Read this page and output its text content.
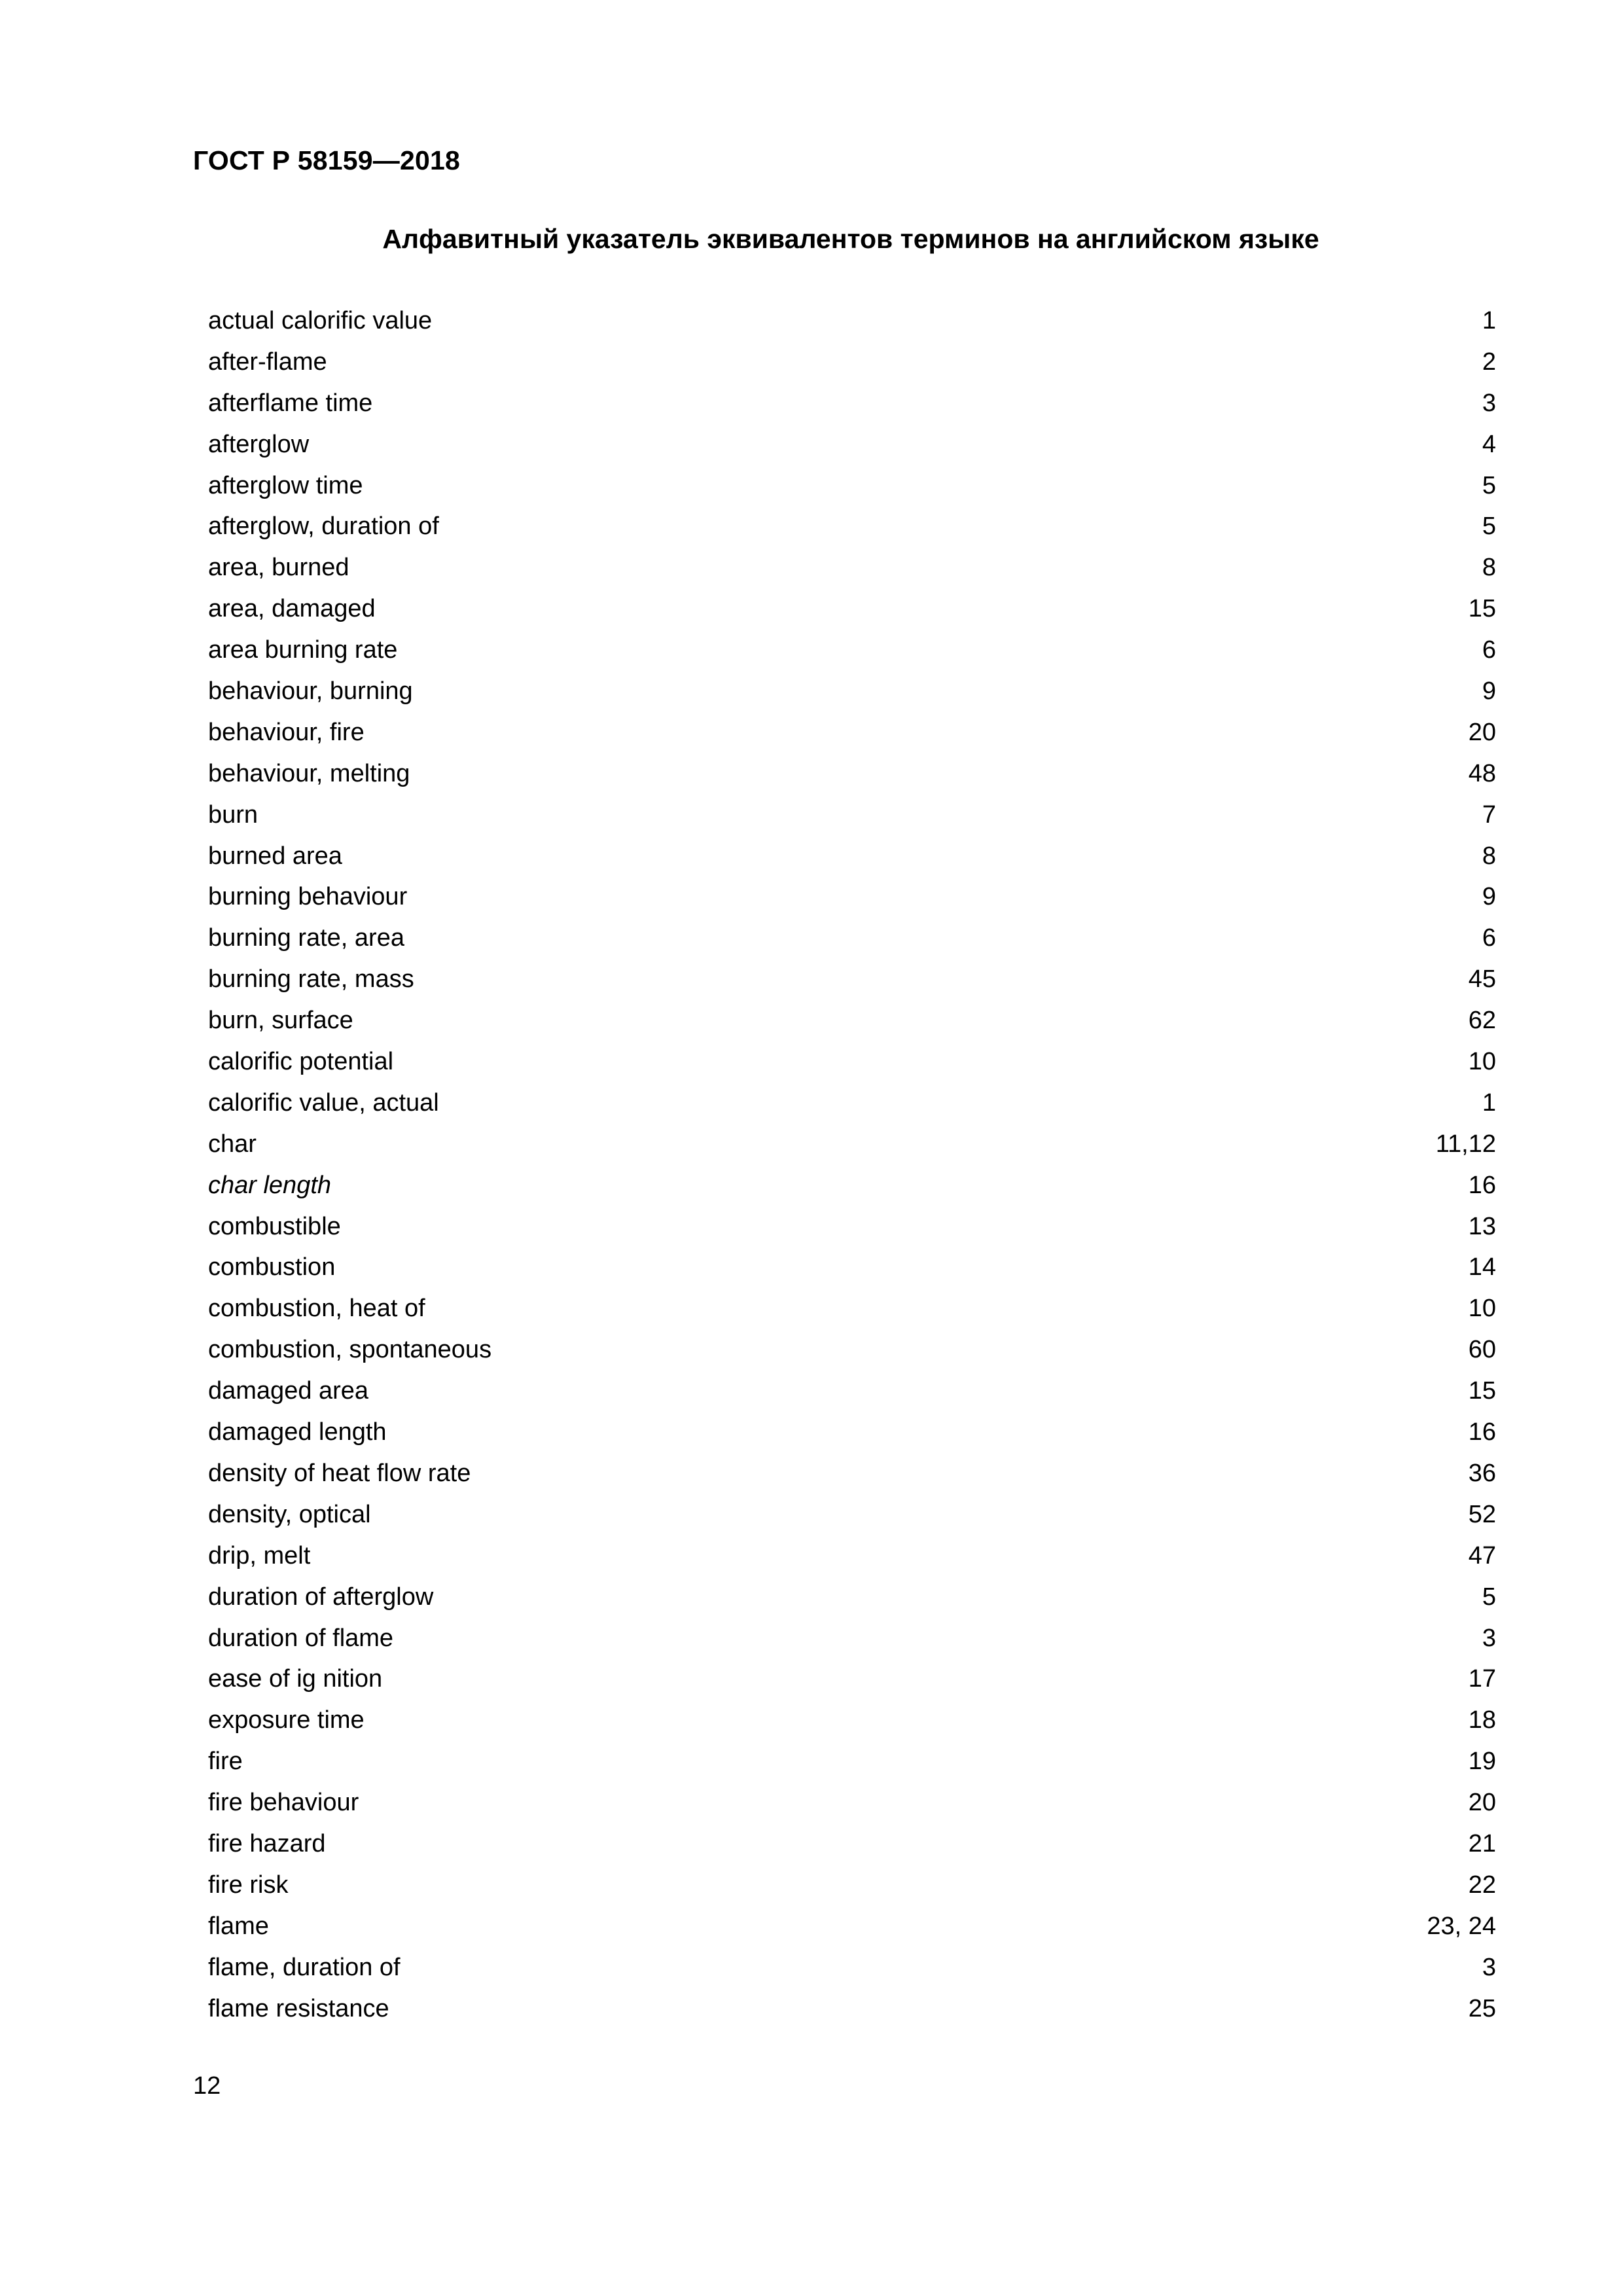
ГОСТ Р 58159—2018
Алфавитный указатель эквивалентов терминов на английском языке
actual calorific value	1
after-flame	2
afterflame time	3
afterglow	4
afterglow time	5
afterglow, duration of	5
area, burned	8
area, damaged	15
area burning rate	6
behaviour, burning	9
behaviour, fire	20
behaviour, melting	48
burn	7
burned area	8
burning behaviour	9
burning rate, area	6
burning rate, mass	45
burn, surface	62
calorific potential	10
calorific value, actual	1
char	11,12
char length	16
combustible	13
combustion	14
combustion, heat of	10
combustion, spontaneous	60
damaged area	15
damaged length	16
density of heat flow rate	36
density, optical	52
drip, melt	47
duration of afterglow	5
duration of flame	3
ease of ig nition	17
exposure time	18
fire	19
fire behaviour	20
fire hazard	21
fire risk	22
flame	23, 24
flame, duration of	3
flame resistance	25
12
